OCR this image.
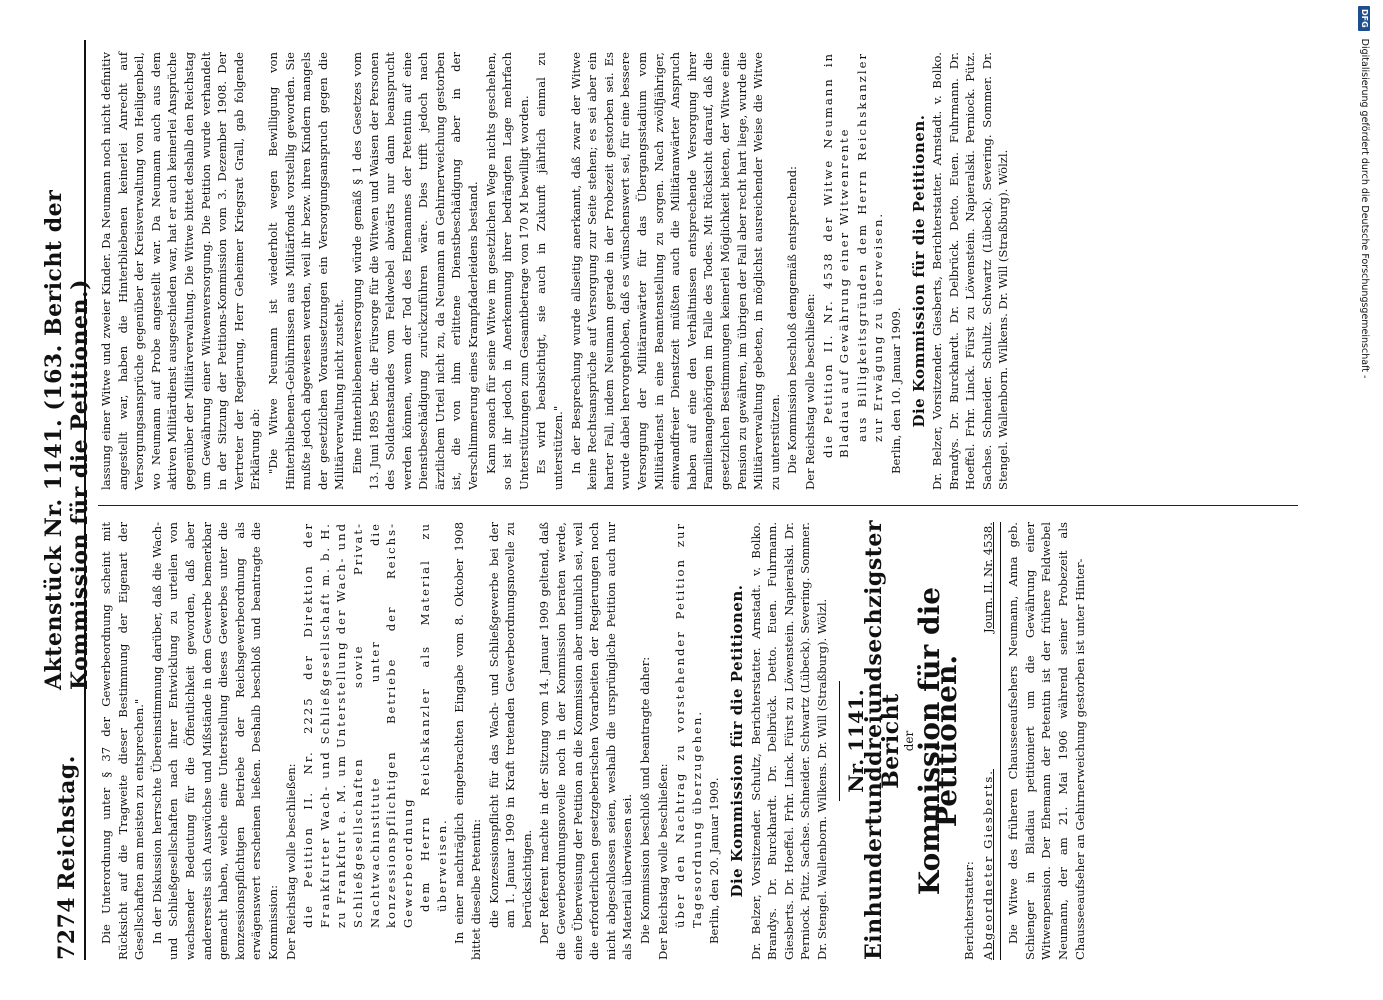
7274
Reichstag.
Aktenstück Nr. 1141. (163. Bericht der Kommission für die Petitionen.)

Die Unterordnung unter § 37 der Gewerbeordnung scheint mit Rücksicht auf die Tragweite dieser Bestimmung der Eigenart der Gesellschaften am meisten zu entsprechen." In der Diskussion herrschte Übereinstimmung darüber, daß die Wach- und Schließgesellschaften nach ihrer Entwicklung zu urteilen von wachsender Bedeutung für die Öffentlichkeit geworden, daß aber andererseits sich Auswüchse und Mißstände in dem Gewerbe bemerkbar gemacht haben, welche eine Unterstellung dieses Gewerbes unter die konzessionspflichtigen Betriebe der Reichsgewerbeordnung als erwägenswert erscheinen ließen. Deshalb beschloß und beantragte die Kommission: Der Reichstag wolle beschließen: die Petition II. Nr. 2225 der Direktion der Frankfurter Wach- und Schließgesellschaft m. b. H. zu Frankfurt a. M. um Unterstellung der Wach- und Schließgesellschaften sowie Privat-Nachtwachinstitute unter die konzessionspflichtigen Betriebe der Reichs-Gewerbeordnung dem Herrn Reichskanzler als Material zu überweisen. In einer nachträglich eingebrachten Eingabe vom 8. Oktober 1908 bittet dieselbe Petentin: die Konzessionspflicht für das Wach- und Schließgewerbe bei der am 1. Januar 1909 in Kraft tretenden Gewerbeordnungsnovelle zu berücksichtigen. Der Referent machte in der Sitzung vom 14. Januar 1909 geltend, daß die Gewerbeordnungsnovelle noch in der Kommission beraten werde, eine Überweisung der Petition an die Kommission aber untunlich sei, weil die erforderlichen gesetzgeberischen Vorarbeiten der Regierungen noch nicht abgeschlossen seien, weshalb die ursprüngliche Petition auch nur als Material überwiesen sei. Die Kommission beschloß und beantragte daher: Der Reichstag wolle beschließen: über den Nachtrag zu vorstehender Petition zur Tagesordnung überzugehen. Berlin, den 20. Januar 1909. Die Kommission für die Petitionen. Dr. Belzer, Vorsitzender. Schultz, Berichterstatter. Arnstadt. v. Bolko. Brandys. Dr. Burckhardt. Dr. Delbrück. Detto. Euen. Fuhrmann. Giesberts. Dr. Hoeffel. Frhr. Linck. Fürst zu Löwenstein. Napieralski. Dr. Perniock. Pütz. Sachse. Schneider. Schwartz (Lübeck). Severing. Sommer. Dr. Stengel. Wallenborn. Wilkens. Dr. Will (Straßburg). Wölzl. Nr. 1141.
Einhundertunddreiundsechzigster Bericht
der
Kommission für die Petitionen.
Berichterstatter: Abgeordneter Giesberts.
Journ. II. Nr. 4538. Die Witwe des früheren Chausseeaufsehers Neumann, Anna geb. Schienger in Bladiau petitioniert um die Gewährung einer Witwenpension. Der Ehemann der Petentin ist der frühere Feldwebel Neumann, der am 21. Mai 1906 während seiner Probezeit als Chausseeaufseher an Gehirnerweichung gestorben ist unter Hinter-

lassung einer Witwe und zweier Kinder. Da Neumann noch nicht definitiv angestellt war, haben die Hinterbliebenen keinerlei Anrecht auf Versorgungsansprüche gegenüber der Kreisverwaltung von Heiligenbeil, wo Neumann auf Probe angestellt war. Da Neumann auch aus dem aktiven Militärdienst ausgeschieden war, hat er auch keinerlei Ansprüche gegenüber der Militärverwaltung. Die Witwe bittet deshalb den Reichstag um Gewährung einer Witwenversorgung. Die Petition wurde verhandelt in der Sitzung der Petitions-Kommission vom 3. Dezember 1908. Der Vertreter der Regierung, Herr Geheimer Kriegsrat Grall, gab folgende Erklärung ab: "Die Witwe Neumann ist wiederholt wegen Bewilligung von Hinterbliebenen-Gebührnissen aus Militärfonds vorstellig geworden. Sie mußte jedoch abgewiesen werden, weil ihr bezw. ihren Kindern mangels der gesetzlichen Voraussetzungen ein Versorgungsanspruch gegen die Militärverwaltung nicht zusteht. Eine Hinterbliebenenversorgung würde gemäß § 1 des Gesetzes vom 13. Juni 1895 betr. die Fürsorge für die Witwen und Waisen der Personen des Soldatenstandes vom Feldwebel abwärts nur dann beansprucht werden können, wenn der Tod des Ehemannes der Petentin auf eine Dienstbeschädigung zurückzuführen wäre. Dies trifft jedoch nach ärztlichem Urteil nicht zu, da Neumann an Gehirnerweichung gestorben ist, die von ihm erlittene Dienstbeschädigung aber in der Verschlimmerung eines Krampfaderleidens bestand. Kann sonach für seine Witwe im gesetzlichen Wege nichts geschehen, so ist ihr jedoch in Anerkennung ihrer bedrängten Lage mehrfach Unterstützungen zum Gesamtbetrage von 170 M bewilligt worden. Es wird beabsichtigt, sie auch in Zukunft jährlich einmal zu unterstützen." In der Besprechung wurde allseitig anerkannt, daß zwar der Witwe keine Rechtsansprüche auf Versorgung zur Seite stehen; es sei aber ein harter Fall, indem Neumann gerade in der Probezeit gestorben sei. Es wurde dabei hervorgehoben, daß es wünschenswert sei, für eine bessere Versorgung der Militäranwärter für das Übergangsstadium vom Militärdienst in eine Beamtenstellung zu sorgen. Nach zwölfjähriger, einwandfreier Dienstzeit müßten auch die Militäranwärter Anspruch haben auf eine den Verhältnissen entsprechende Versorgung ihrer Familienangehörigen im Falle des Todes. Mit Rücksicht darauf, daß die gesetzlichen Bestimmungen keinerlei Möglichkeit bieten, der Witwe eine Pension zu gewähren, im übrigen der Fall aber recht hart liege, wurde die Militärverwaltung gebeten, in möglichst ausreichender Weise die Witwe zu unterstützen. Die Kommission beschloß demgemäß entsprechend: Der Reichstag wolle beschließen: die Petition II. Nr. 4538 der Witwe Neumann in Bladiau auf Gewährung einer Witwenrente aus Billigkeitsgründen dem Herrn Reichskanzler zur Erwägung zu überweisen. Berlin, den 10. Januar 1909. Die Kommission für die Petitionen. Dr. Belzer, Vorsitzender. Giesberts, Berichterstatter. Arnstadt. v. Bolko. Brandys. Dr. Burckhardt. Dr. Delbrück. Detto. Euen. Fuhrmann. Dr. Hoeffel. Frhr. Linck. Fürst zu Löwenstein. Napieralski. Perniock. Pütz. Sachse. Schneider. Schultz. Schwartz (Lübeck). Severing. Sommer. Dr. Stengel. Wallenborn. Wilkens. Dr. Will (Straßburg). Wölzl.
DFG
Digitalisierung gefördert durch die Deutsche Forschungsgemeinschaft -
